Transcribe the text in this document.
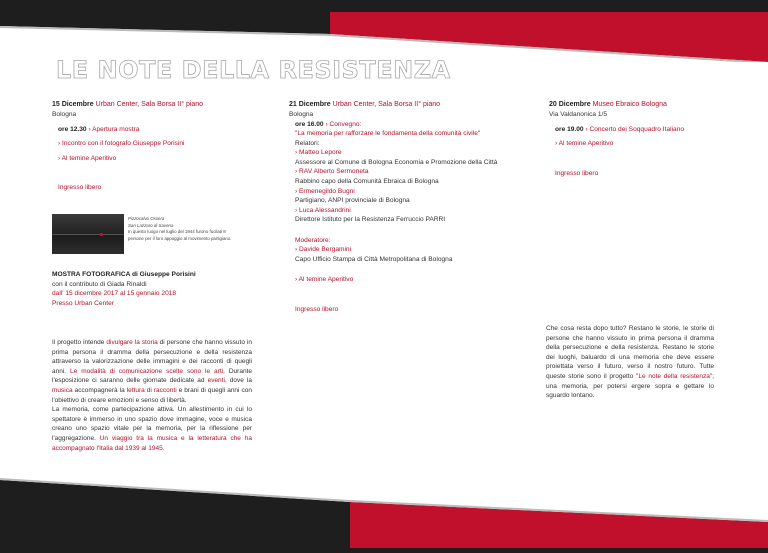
LE NOTE DELLA RESISTENZA

15 Dicembre Urban Center, Sala Borsa II° piano

Bologna

ore 12.30 › Apertura mostra

› Incontro con il fotografo Giuseppe Porisini

› Al temine Aperitivo

Ingresso libero

Pizzocalvo Ossera

San Lazzaro di Savena

In questo luogo nel luglio del 1944 furono fucilati 8 persone per il loro appoggio al movimento partigiano.

MOSTRA FOTOGRAFICA di Giuseppe Porisini

con il contributo di Giada Rinaldi

dall' 15 dicembre 2017 al 15 gennaio 2018

Presso Urban Center

Il progetto intende divulgare la storia di persone che hanno vissuto in prima persona il dramma della persecuzione e della resistenza attraverso la valorizzazione delle immagini e dei racconti di quegli anni. Le modalità di comunicazione scelte sono le arti. Durante l'esposizione ci saranno delle giornate dedicate ad eventi, dove la musica accompagnerà la lettura di racconti e brani di quegli anni con l'obiettivo di creare emozioni e senso di libertà.
La memoria, come partecipazione attiva. Un allestimento in cui lo spettatore è immerso in uno spazio dove immagine, voce e musica creano uno spazio vitale per la memoria, per la riflessione per l'aggregazione. Un viaggio tra la musica e la letteratura che ha accompagnato l'Italia dal 1939 al 1945.

21 Dicembre Urban Center, Sala Borsa II° piano

Bologna

ore 16.00 › Convegno:

"La memoria per rafforzare le fondamenta della comunità civile"

Relatori:

› Matteo Lepore

Assessore al Comune di Bologna Economia e Promozione della Città

› RAV Alberto Sermoneta

Rabbino capo della Comunità Ebraica di Bologna

› Ermenegildo Bugni

Partigiano, ANPI provinciale di Bologna

› Luca Alessandrini

Direttore Istituto per la Resistenza Ferruccio PARRI

Moderatore:

› Davide Bergamini

Capo Ufficio Stampa di Città Metropolitana di Bologna

› Al temine Aperitivo

Ingresso libero

20 Dicembre Museo Ebraico Bologna

Via Valdanonica 1/5

ore 19.00 › Concerto dei Soqquadro Italiano

› Al temine Aperitivo

Ingresso libero

Che cosa resta dopo tutto? Restano le storie, le storie di persone che hanno vissuto in prima persona il dramma della persecuzione e della resistenza. Restano le storie dei luoghi, baluardo di una memoria che deve essere proiettata verso il futuro, verso il nostro futuro. Tutte queste storie sono il progetto "Le note della resistenza"; una memoria, per potersi ergere sopra e gettare lo sguardo lontano.
